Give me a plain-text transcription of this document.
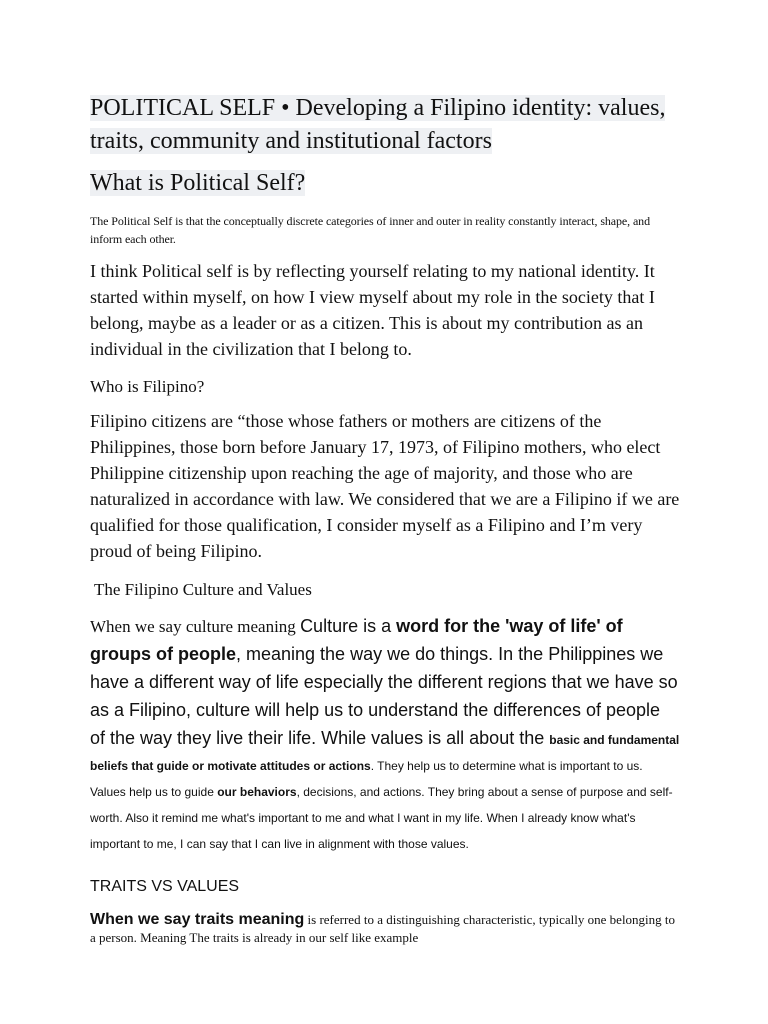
POLITICAL SELF • Developing a Filipino identity: values, traits, community and institutional factors
What is Political Self?

The Political Self is that the conceptually discrete categories of inner and outer in reality constantly interact, shape, and inform each other.

I think Political self is by reflecting yourself relating to my national identity. It started within myself, on how I view myself about my role in the society that I belong, maybe as a leader or as a citizen. This is about my contribution as an individual in the civilization that I belong to.

Who is Filipino?

Filipino citizens are “those whose fathers or mothers are citizens of the Philippines, those born before January 17, 1973, of Filipino mothers, who elect Philippine citizenship upon reaching the age of majority, and those who are naturalized in accordance with law. We considered that we are a Filipino if we are qualified for those qualification, I consider myself as a Filipino and I’m very proud of being Filipino.

The Filipino Culture and Values

When we say culture meaning Culture is a word for the 'way of life' of groups of people, meaning the way we do things. In the Philippines we have a different way of life especially the different regions that we have so as a Filipino, culture will help us to understand the differences of people of the way they live their life. While values is all about the basic and fundamental beliefs that guide or motivate attitudes or actions. They help us to determine what is important to us. Values help us to guide our behaviors, decisions, and actions. They bring about a sense of purpose and self-worth. Also it remind me what's important to me and what I want in my life. When I already know what's important to me, I can say that I can live in alignment with those values.

TRAITS VS VALUES

When we say traits meaning is referred to a distinguishing characteristic, typically one belonging to a person. Meaning The traits is already in our self like example
